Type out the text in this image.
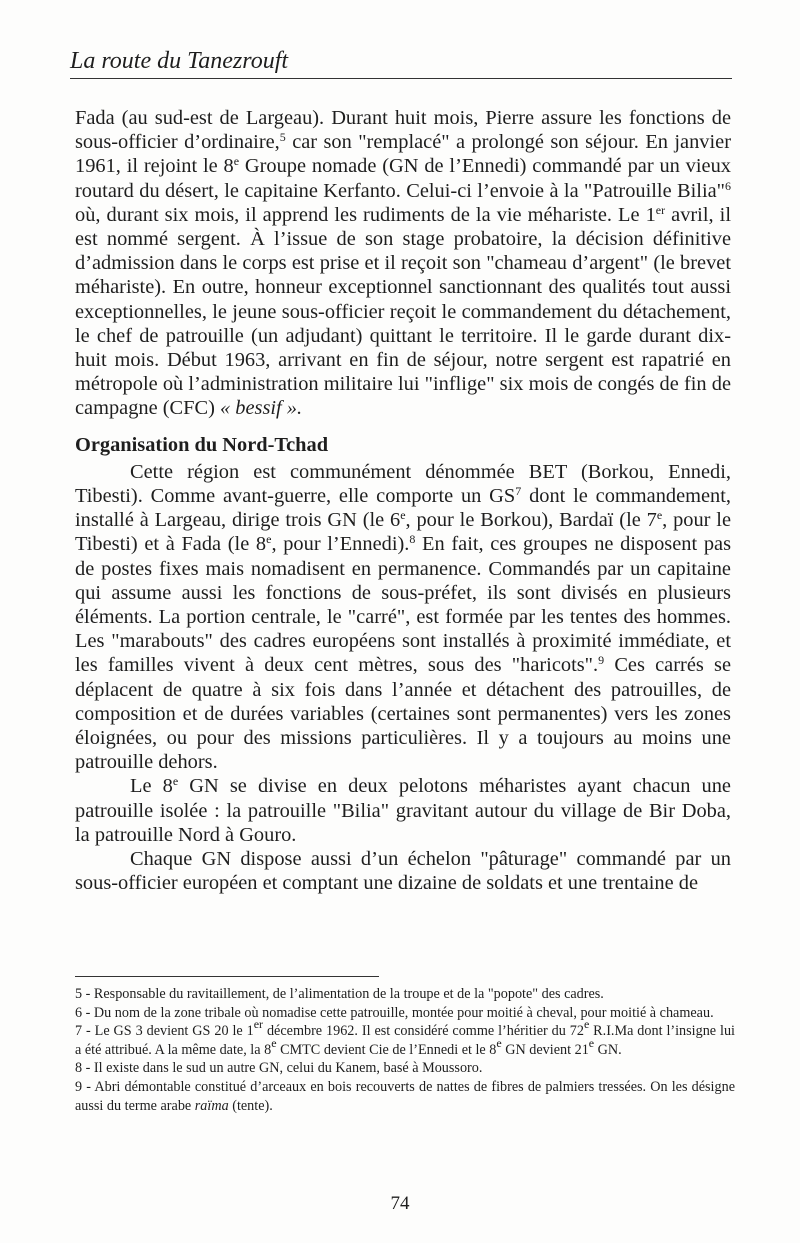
La route du Tanezrouft

Fada (au sud-est de Largeau). Durant huit mois, Pierre assure les fonctions de sous-officier d’ordinaire,$^5$ car son "remplacé" a prolongé son séjour. En janvier 1961, il rejoint le 8e Groupe nomade (GN de l’Ennedi) commandé par un vieux routard du désert, le capitaine Kerfanto. Celui-ci l’envoie à la "Patrouille Bilia"$^6$ où, durant six mois, il apprend les rudiments de la vie méhariste. Le 1er avril, il est nommé sergent. À l’issue de son stage probatoire, la décision définitive d’admission dans le corps est prise et il reçoit son "chameau d’argent" (le brevet méhariste). En outre, honneur exceptionnel sanctionnant des qualités tout aussi exceptionnelles, le jeune sous-officier reçoit le commandement du détachement, le chef de patrouille (un adjudant) quittant le territoire. Il le garde durant dix-huit mois. Début 1963, arrivant en fin de séjour, notre sergent est rapatrié en métropole où l’administration militaire lui "inflige" six mois de congés de fin de campagne (CFC) « bessif ».

Organisation du Nord-Tchad

Cette région est communément dénommée BET (Borkou, Ennedi, Tibesti). Comme avant-guerre, elle comporte un $GS^7$ dont le commandement, installé à Largeau, dirige trois GN (le 6e, pour le Borkou), Bardaï (le 7e, pour le Tibesti) et à Fada (le 8e, pour l’Ennedi).$^8$ En fait, ces groupes ne disposent pas de postes fixes mais nomadisent en permanence. Commandés par un capitaine qui assume aussi les fonctions de sous-préfet, ils sont divisés en plusieurs éléments. La portion centrale, le "carré", est formée par les tentes des hommes. Les "marabouts" des cadres européens sont installés à proximité immédiate, et les familles vivent à deux cent mètres, sous des "haricots".$^9$ Ces carrés se déplacent de quatre à six fois dans l’année et détachent des patrouilles, de composition et de durées variables (certaines sont permanentes) vers les zones éloignées, ou pour des missions particulières. Il y a toujours au moins une patrouille dehors.

Le 8e GN se divise en deux pelotons méharistes ayant chacun une patrouille isolée : la patrouille "Bilia" gravitant autour du village de Bir Doba, la patrouille Nord à Gouro.

Chaque GN dispose aussi d’un échelon "pâturage" commandé par un sous-officier européen et comptant une dizaine de soldats et une trentaine de

5 - Responsable du ravitaillement, de l’alimentation de la troupe et de la "popote" des cadres.

6 - Du nom de la zone tribale où nomadise cette patrouille, montée pour moitié à cheval, pour moitié à chameau.

7 - Le GS 3 devient GS 20 le 1er décembre 1962. Il est considéré comme l’héritier du 72e R.I.Ma dont l’insigne lui a été attribué. A la même date, la 8e CMTC devient Cie de l’Ennedi et le 8e GN devient 21e GN.

8 - Il existe dans le sud un autre GN, celui du Kanem, basé à Moussoro.

9 - Abri démontable constitué d’arceaux en bois recouverts de nattes de fibres de palmiers tressées. On les désigne aussi du terme arabe raïma (tente).

74
